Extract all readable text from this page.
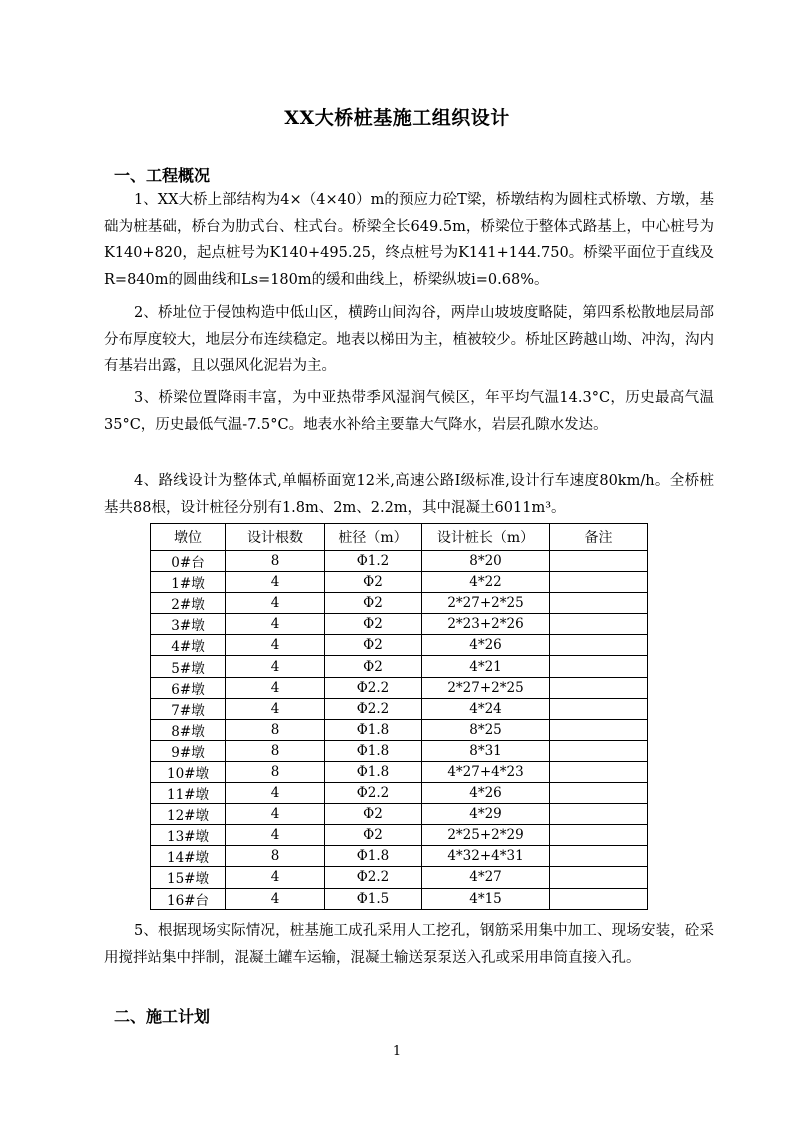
XX大桥桩基施工组织设计
一、工程概况
1、XX大桥上部结构为4×（4×40）m的预应力砼T梁，桥墩结构为圆柱式桥墩、方墩，基础为桩基础，桥台为肋式台、柱式台。桥梁全长649.5m，桥梁位于整体式路基上，中心桩号为K140+820，起点桩号为K140+495.25，终点桩号为K141+144.750。桥梁平面位于直线及R=840m的圆曲线和Ls=180m的缓和曲线上，桥梁纵坡i=0.68%。
2、桥址位于侵蚀构造中低山区，横跨山间沟谷，两岸山坡坡度略陡，第四系松散地层局部分布厚度较大，地层分布连续稳定。地表以梯田为主，植被较少。桥址区跨越山坳、冲沟，沟内有基岩出露，且以强风化泥岩为主。
3、桥梁位置降雨丰富，为中亚热带季风湿润气候区，年平均气温14.3°C，历史最高气温35°C，历史最低气温-7.5°C。地表水补给主要靠大气降水，岩层孔隙水发达。
4、路线设计为整体式,单幅桥面宽12米,高速公路Ⅰ级标准,设计行车速度80km/h。全桥桩基共88根，设计桩径分别有1.8m、2m、2.2m，其中混凝土6011m³。
墩位	设计根数	桩径（m）	设计桩长（m）	备注
0#台	8	Φ1.2	8*20	
1#墩	4	Φ2	4*22	
2#墩	4	Φ2	2*27+2*25	
3#墩	4	Φ2	2*23+2*26	
4#墩	4	Φ2	4*26	
5#墩	4	Φ2	4*21	
6#墩	4	Φ2.2	2*27+2*25	
7#墩	4	Φ2.2	4*24	
8#墩	8	Φ1.8	8*25	
9#墩	8	Φ1.8	8*31	
10#墩	8	Φ1.8	4*27+4*23	
11#墩	4	Φ2.2	4*26	
12#墩	4	Φ2	4*29	
13#墩	4	Φ2	2*25+2*29	
14#墩	8	Φ1.8	4*32+4*31	
15#墩	4	Φ2.2	4*27	
16#台	4	Φ1.5	4*15	
5、根据现场实际情况，桩基施工成孔采用人工挖孔，钢筋采用集中加工、现场安装，砼采用搅拌站集中拌制，混凝土罐车运输，混凝土输送泵泵送入孔或采用串筒直接入孔。
二、施工计划
1
